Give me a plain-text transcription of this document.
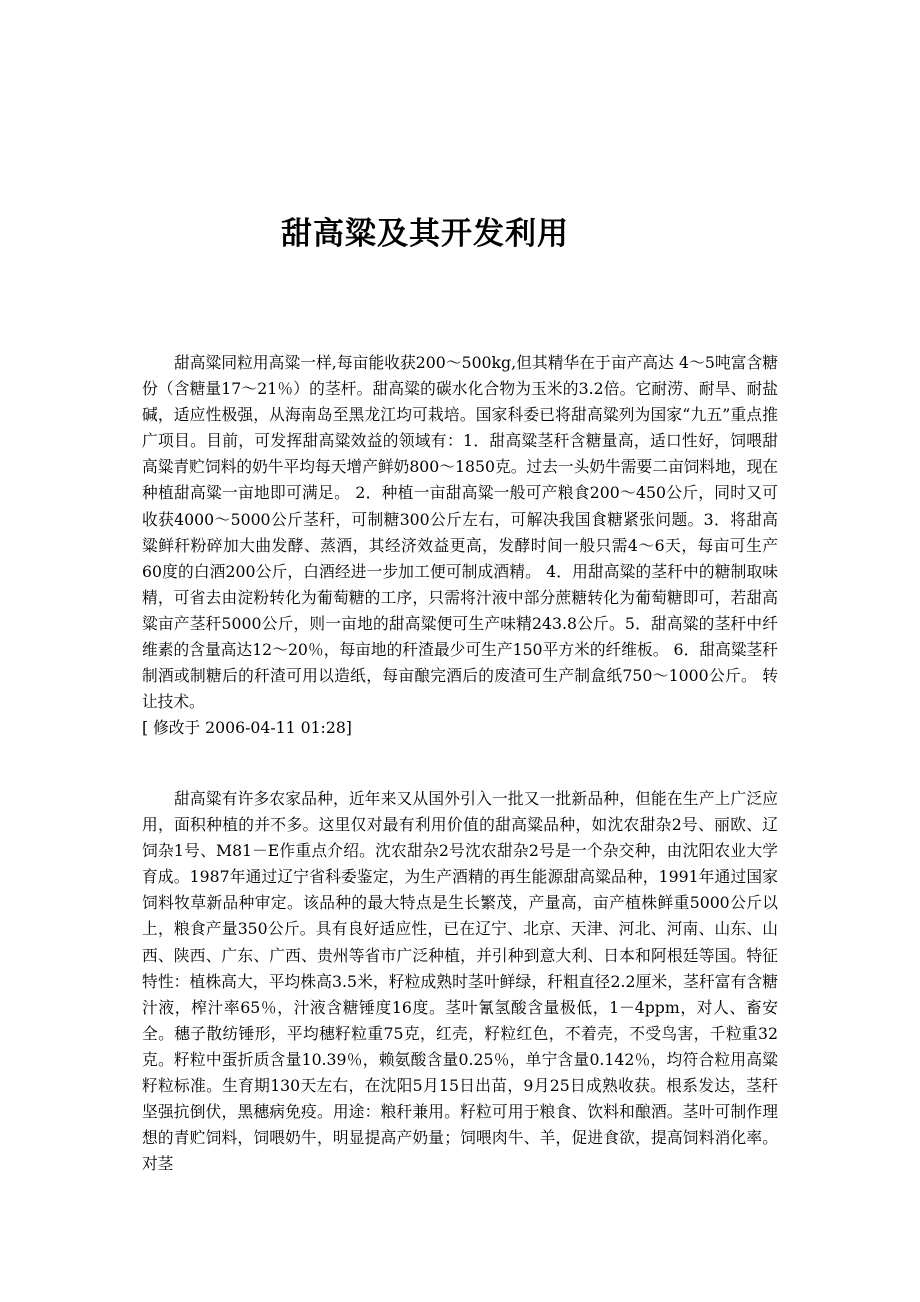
甜高粱及其开发利用

甜高粱同粒用高粱一样,每亩能收获200～500kg,但其精华在于亩产高达 4～5吨富含糖份（含糖量17～21％）的茎杆。甜高粱的碳水化合物为玉米的3.2倍。它耐涝、耐旱、耐盐碱，适应性极强，从海南岛至黑龙江均可栽培。国家科委已将甜高粱列为国家“九五”重点推广项目。目前，可发挥甜高粱效益的领域有：1．甜高粱茎秆含糖量高，适口性好，饲喂甜高粱青贮饲料的奶牛平均每天增产鲜奶800～1850克。过去一头奶牛需要二亩饲料地，现在种植甜高粱一亩地即可满足。 2．种植一亩甜高粱一般可产粮食200～450公斤，同时又可收获4000～5000公斤茎秆，可制糖300公斤左右，可解决我国食糖紧张问题。3．将甜高粱鲜秆粉碎加大曲发酵、蒸酒，其经济效益更高，发酵时间一般只需4～6天，每亩可生产60度的白酒200公斤，白酒经进一步加工便可制成酒精。 4．用甜高粱的茎秆中的糖制取味精，可省去由淀粉转化为葡萄糖的工序，只需将汁液中部分蔗糖转化为葡萄糖即可，若甜高粱亩产茎秆5000公斤，则一亩地的甜高粱便可生产味精243.8公斤。5．甜高粱的茎秆中纤维素的含量高达12～20％，每亩地的秆渣最少可生产150平方米的纤维板。 6．甜高粱茎秆制酒或制糖后的秆渣可用以造纸，每亩酿完酒后的废渣可生产制盒纸750～1000公斤。 转让技术。
[ 修改于 2006-04-11 01:28]

甜高粱有许多农家品种，近年来又从国外引入一批又一批新品种，但能在生产上广泛应用，面积种植的并不多。这里仅对最有利用价值的甜高粱品种，如沈农甜杂2号、丽欧、辽饲杂1号、M81－E作重点介绍。沈农甜杂2号沈农甜杂2号是一个杂交种，由沈阳农业大学育成。1987年通过辽宁省科委鉴定，为生产酒精的再生能源甜高粱品种，1991年通过国家饲料牧草新品种审定。该品种的最大特点是生长繁茂，产量高，亩产植株鲜重5000公斤以上，粮食产量350公斤。具有良好适应性，已在辽宁、北京、天津、河北、河南、山东、山西、陕西、广东、广西、贵州等省市广泛种植，并引种到意大利、日本和阿根廷等国。特征特性：植株高大，平均株高3.5米，籽粒成熟时茎叶鲜绿，秆粗直径2.2厘米，茎秆富有含糖汁液，榨汁率65％，汁液含糖锤度16度。茎叶氰氢酸含量极低，1－4ppm，对人、畜安全。穗子散纺锤形，平均穗籽粒重75克，红壳，籽粒红色，不着壳，不受鸟害，千粒重32克。籽粒中蛋折质含量10.39％，赖氨酸含量0.25％，单宁含量0.142％，均符合粒用高粱籽粒标准。生育期130天左右，在沈阳5月15日出苗，9月25日成熟收获。根系发达，茎秆坚强抗倒伏，黑穗病免疫。用途：粮秆兼用。籽粒可用于粮食、饮料和酿酒。茎叶可制作理想的青贮饲料，饲喂奶牛，明显提高产奶量；饲喂肉牛、羊，促进食欲，提高饲料消化率。对茎
